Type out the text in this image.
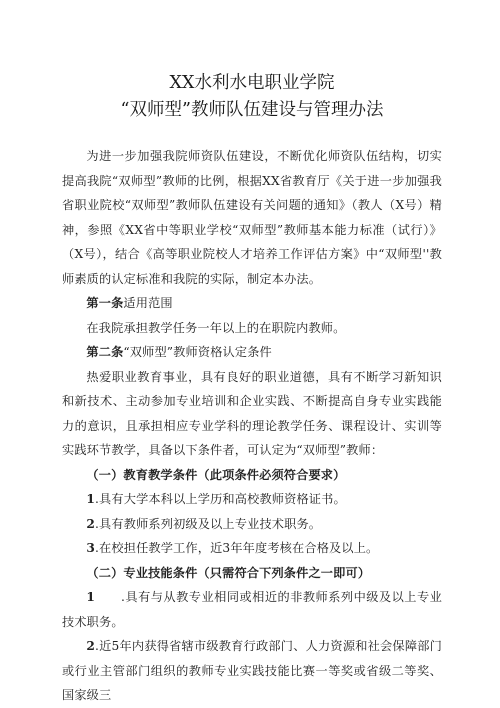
XX水利水电职业学院
“双师型”教师队伍建设与管理办法

为进一步加强我院师资队伍建设，不断优化师资队伍结构，切实提高我院“双师型”教师的比例，根据XX省教育厅《关于进一步加强我省职业院校“双师型”教师队伍建设有关问题的通知》（教人（X号）精神，参照《XX省中等职业学校“双师型”教师基本能力标准（试行）》（X号），结合《高等职业院校人才培养工作评估方案》中“双师型''教师素质的认定标准和我院的实际，制定本办法。

第一条适用范围

在我院承担教学任务一年以上的在职院内教师。

第二条“双师型”教师资格认定条件

热爱职业教育事业，具有良好的职业道德，具有不断学习新知识和新技术、主动参加专业培训和企业实践、不断提高自身专业实践能力的意识，且承担相应专业学科的理论教学任务、课程设计、实训等实践环节教学，具备以下条件者，可认定为“双师型”教师：

（一）教育教学条件（此项条件必须符合要求）

1.具有大学本科以上学历和高校教师资格证书。

2.具有教师系列初级及以上专业技术职务。

3.在校担任教学工作，近3年年度考核在合格及以上。

（二）专业技能条件（只需符合下列条件之一即可）

1 .具有与从教专业相同或相近的非教师系列中级及以上专业技术职务。

2.近5年内获得省辖市级教育行政部门、人力资源和社会保障部门或行业主管部门组织的教师专业实践技能比赛一等奖或省级二等奖、国家级三
